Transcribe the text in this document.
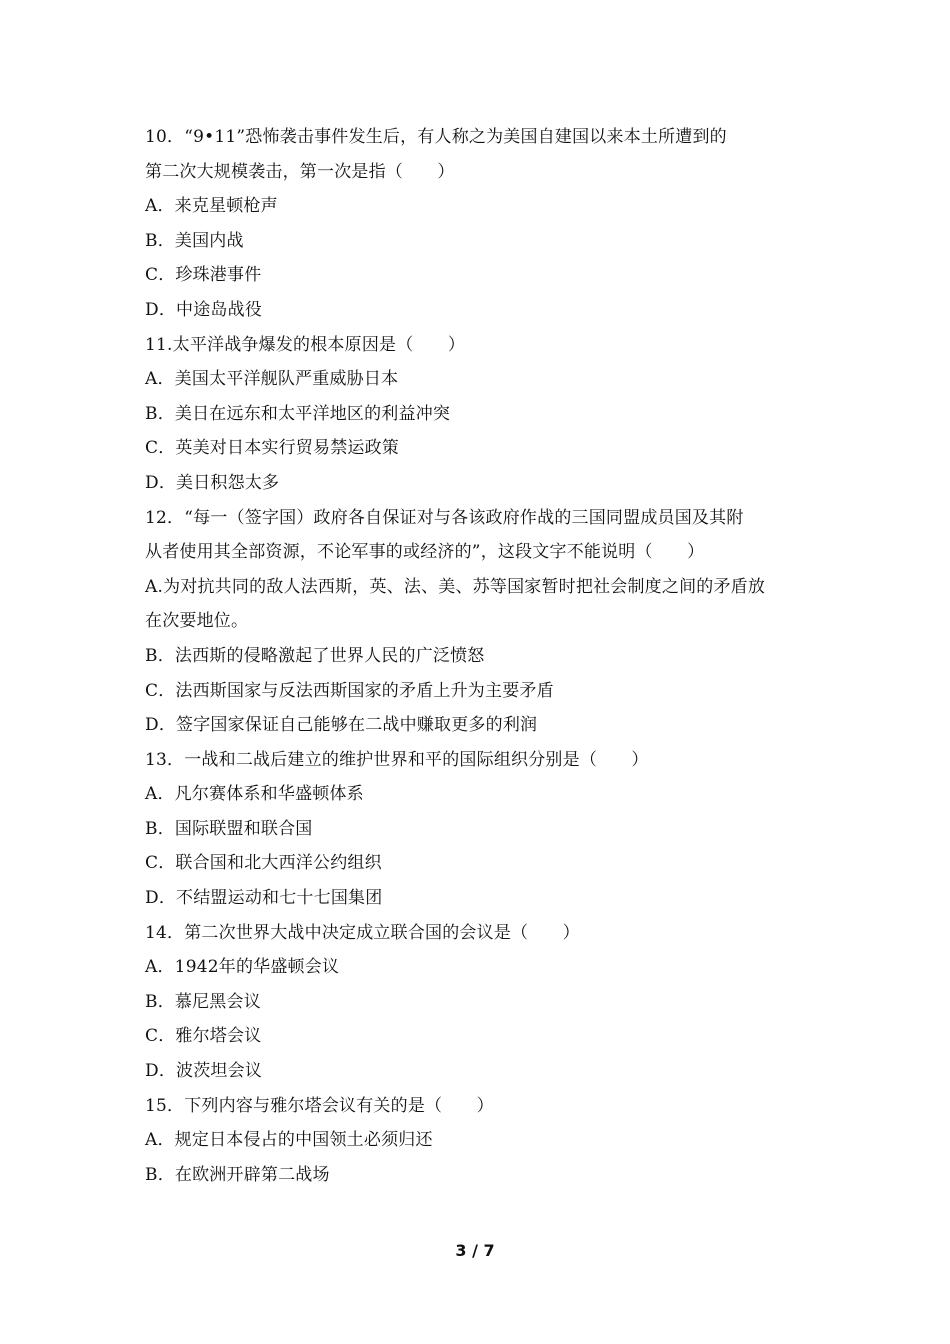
10．“9•11”恐怖袭击事件发生后，有人称之为美国自建国以来本土所遭到的
第二次大规模袭击，第一次是指（　　）
A．来克星顿枪声
B．美国内战
C．珍珠港事件
D．中途岛战役
11.太平洋战争爆发的根本原因是（　　）
A．美国太平洋舰队严重威胁日本
B．美日在远东和太平洋地区的利益冲突
C．英美对日本实行贸易禁运政策
D．美日积怨太多
12．“每一（签字国）政府各自保证对与各该政府作战的三国同盟成员国及其附
从者使用其全部资源，不论军事的或经济的”，这段文字不能说明（　　）
A.为对抗共同的敌人法西斯，英、法、美、苏等国家暂时把社会制度之间的矛盾放
在次要地位。
B．法西斯的侵略激起了世界人民的广泛愤怒
C．法西斯国家与反法西斯国家的矛盾上升为主要矛盾
D．签字国家保证自己能够在二战中赚取更多的利润
13．一战和二战后建立的维护世界和平的国际组织分别是（　　）
A．凡尔赛体系和华盛顿体系
B．国际联盟和联合国
C．联合国和北大西洋公约组织
D．不结盟运动和七十七国集团
14．第二次世界大战中决定成立联合国的会议是（　　）
A．1942年的华盛顿会议
B．慕尼黑会议
C．雅尔塔会议
D．波茨坦会议
15．下列内容与雅尔塔会议有关的是（　　）
A．规定日本侵占的中国领土必须归还
B．在欧洲开辟第二战场
3 / 7
